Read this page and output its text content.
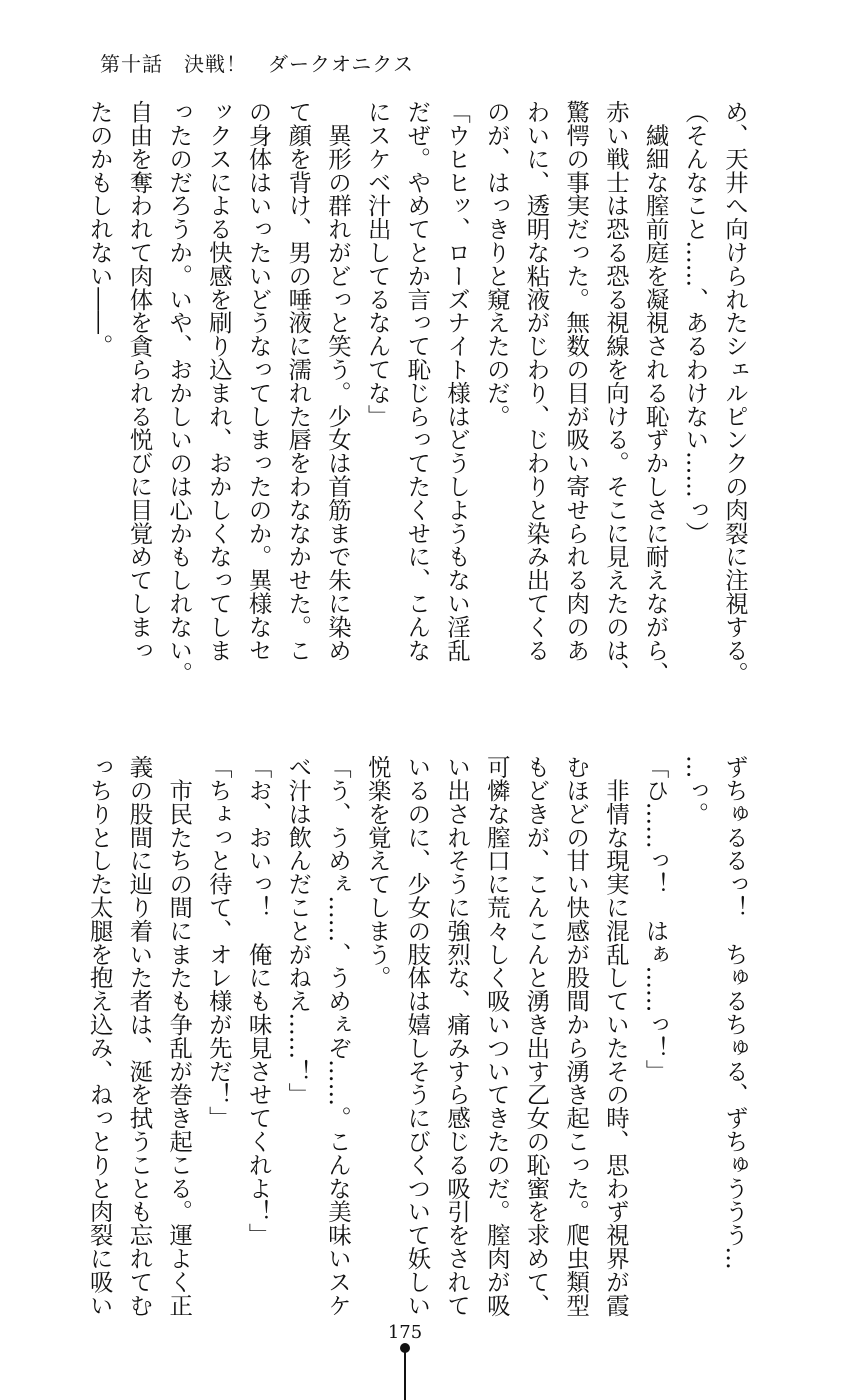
第十話　決戦！　ダークオニクス
め、天井へ向けられたシェルピンクの肉裂に注視する。
（そんなこと……、あるわけない……っ）
　繊細な膣前庭を凝視される恥ずかしさに耐えながら、
赤い戦士は恐る恐る視線を向ける。そこに見えたのは、
驚愕の事実だった。無数の目が吸い寄せられる肉のあ
わいに、透明な粘液がじわり、じわりと染み出てくる
のが、はっきりと窺えたのだ。
「ウヒヒッ、ローズナイト様はどうしようもない淫乱
だぜ。やめてとか言って恥じらってたくせに、こんな
にスケベ汁出してるなんてな」
　異形の群れがどっと笑う。少女は首筋まで朱に染め
て顔を背け、男の唾液に濡れた唇をわななかせた。こ
の身体はいったいどうなってしまったのか。異様なセ
ックスによる快感を刷り込まれ、おかしくなってしま
ったのだろうか。いや、おかしいのは心かもしれない。
自由を奪われて肉体を貪られる悦びに目覚めてしまっ
たのかもしれない――。
ずちゅるるっ！　ちゅるちゅる、ずちゅううう…
…っ。
「ひ……っ！　はぁ……っ！」
　非情な現実に混乱していたその時、思わず視界が霞
むほどの甘い快感が股間から湧き起こった。爬虫類型
もどきが、こんこんと湧き出す乙女の恥蜜を求めて、
可憐な膣口に荒々しく吸いついてきたのだ。膣肉が吸
い出されそうに強烈な、痛みすら感じる吸引をされて
いるのに、少女の肢体は嬉しそうにびくついて妖しい
悦楽を覚えてしまう。
「う、うめぇ……、うめぇぞ……。こんな美味いスケ
べ汁は飲んだことがねえ……！」
「お、おいっ！　俺にも味見させてくれよ！」
「ちょっと待て、オレ様が先だ！」
　市民たちの間にまたも争乱が巻き起こる。運よく正
義の股間に辿り着いた者は、涎を拭うことも忘れてむ
っちりとした太腿を抱え込み、ねっとりと肉裂に吸い
175
